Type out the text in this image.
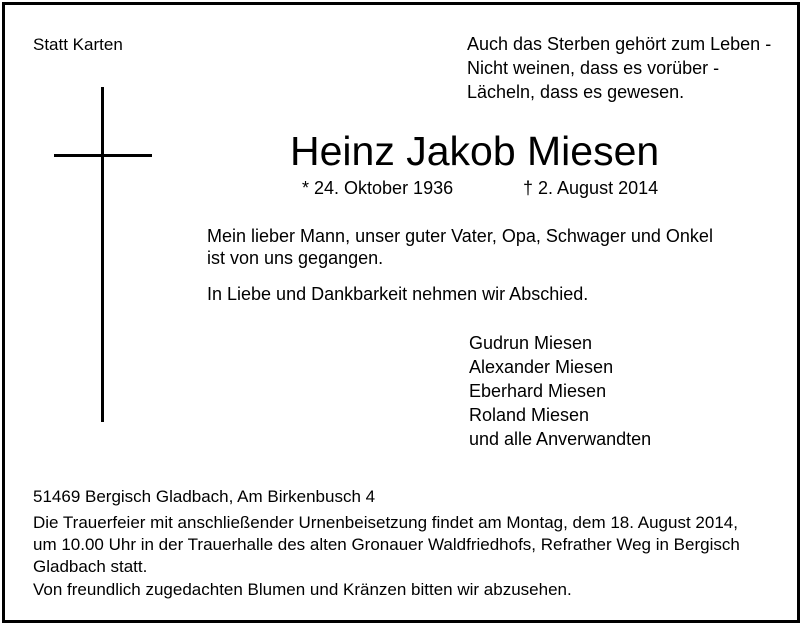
Statt Karten	Auch das Sterben gehört zum Leben -
Nicht weinen, dass es vorüber -
Lächeln, dass es gewesen.
Heinz Jakob Miesen
* 24. Oktober 1936	† 2. August 2014
Mein lieber Mann, unser guter Vater, Opa, Schwager und Onkel
ist von uns gegangen.
In Liebe und Dankbarkeit nehmen wir Abschied.
Gudrun Miesen
Alexander Miesen
Eberhard Miesen
Roland Miesen
und alle Anverwandten
51469 Bergisch Gladbach, Am Birkenbusch 4
Die Trauerfeier mit anschließender Urnenbeisetzung findet am Montag, dem 18. August 2014,
um 10.00 Uhr in der Trauerhalle des alten Gronauer Waldfriedhofs, Refrather Weg in Bergisch
Gladbach statt.
Von freundlich zugedachten Blumen und Kränzen bitten wir abzusehen.
